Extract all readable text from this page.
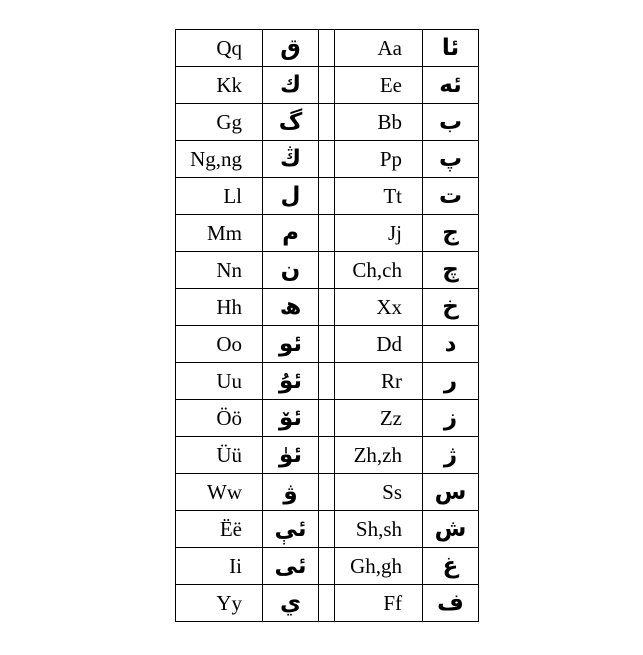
Qq	ق		Aa	ئا
Kk	ك		Ee	ئە
Gg	گ		Bb	ب
Ng,ng	ڭ		Pp	پ
Ll	ل		Tt	ت
Mm	م		Jj	ج
Nn	ن		Ch,ch	چ
Hh	ھ		Xx	خ
Oo	ئو		Dd	د
Uu	ئۇ		Rr	ر
Öö	ئۆ		Zz	ز
Üü	ئۈ		Zh,zh	ژ
Ww	ۋ		Ss	س
Ëë	ئې		Sh,sh	ش
Ii	ئى		Gh,gh	غ
Yy	ي		Ff	ف
